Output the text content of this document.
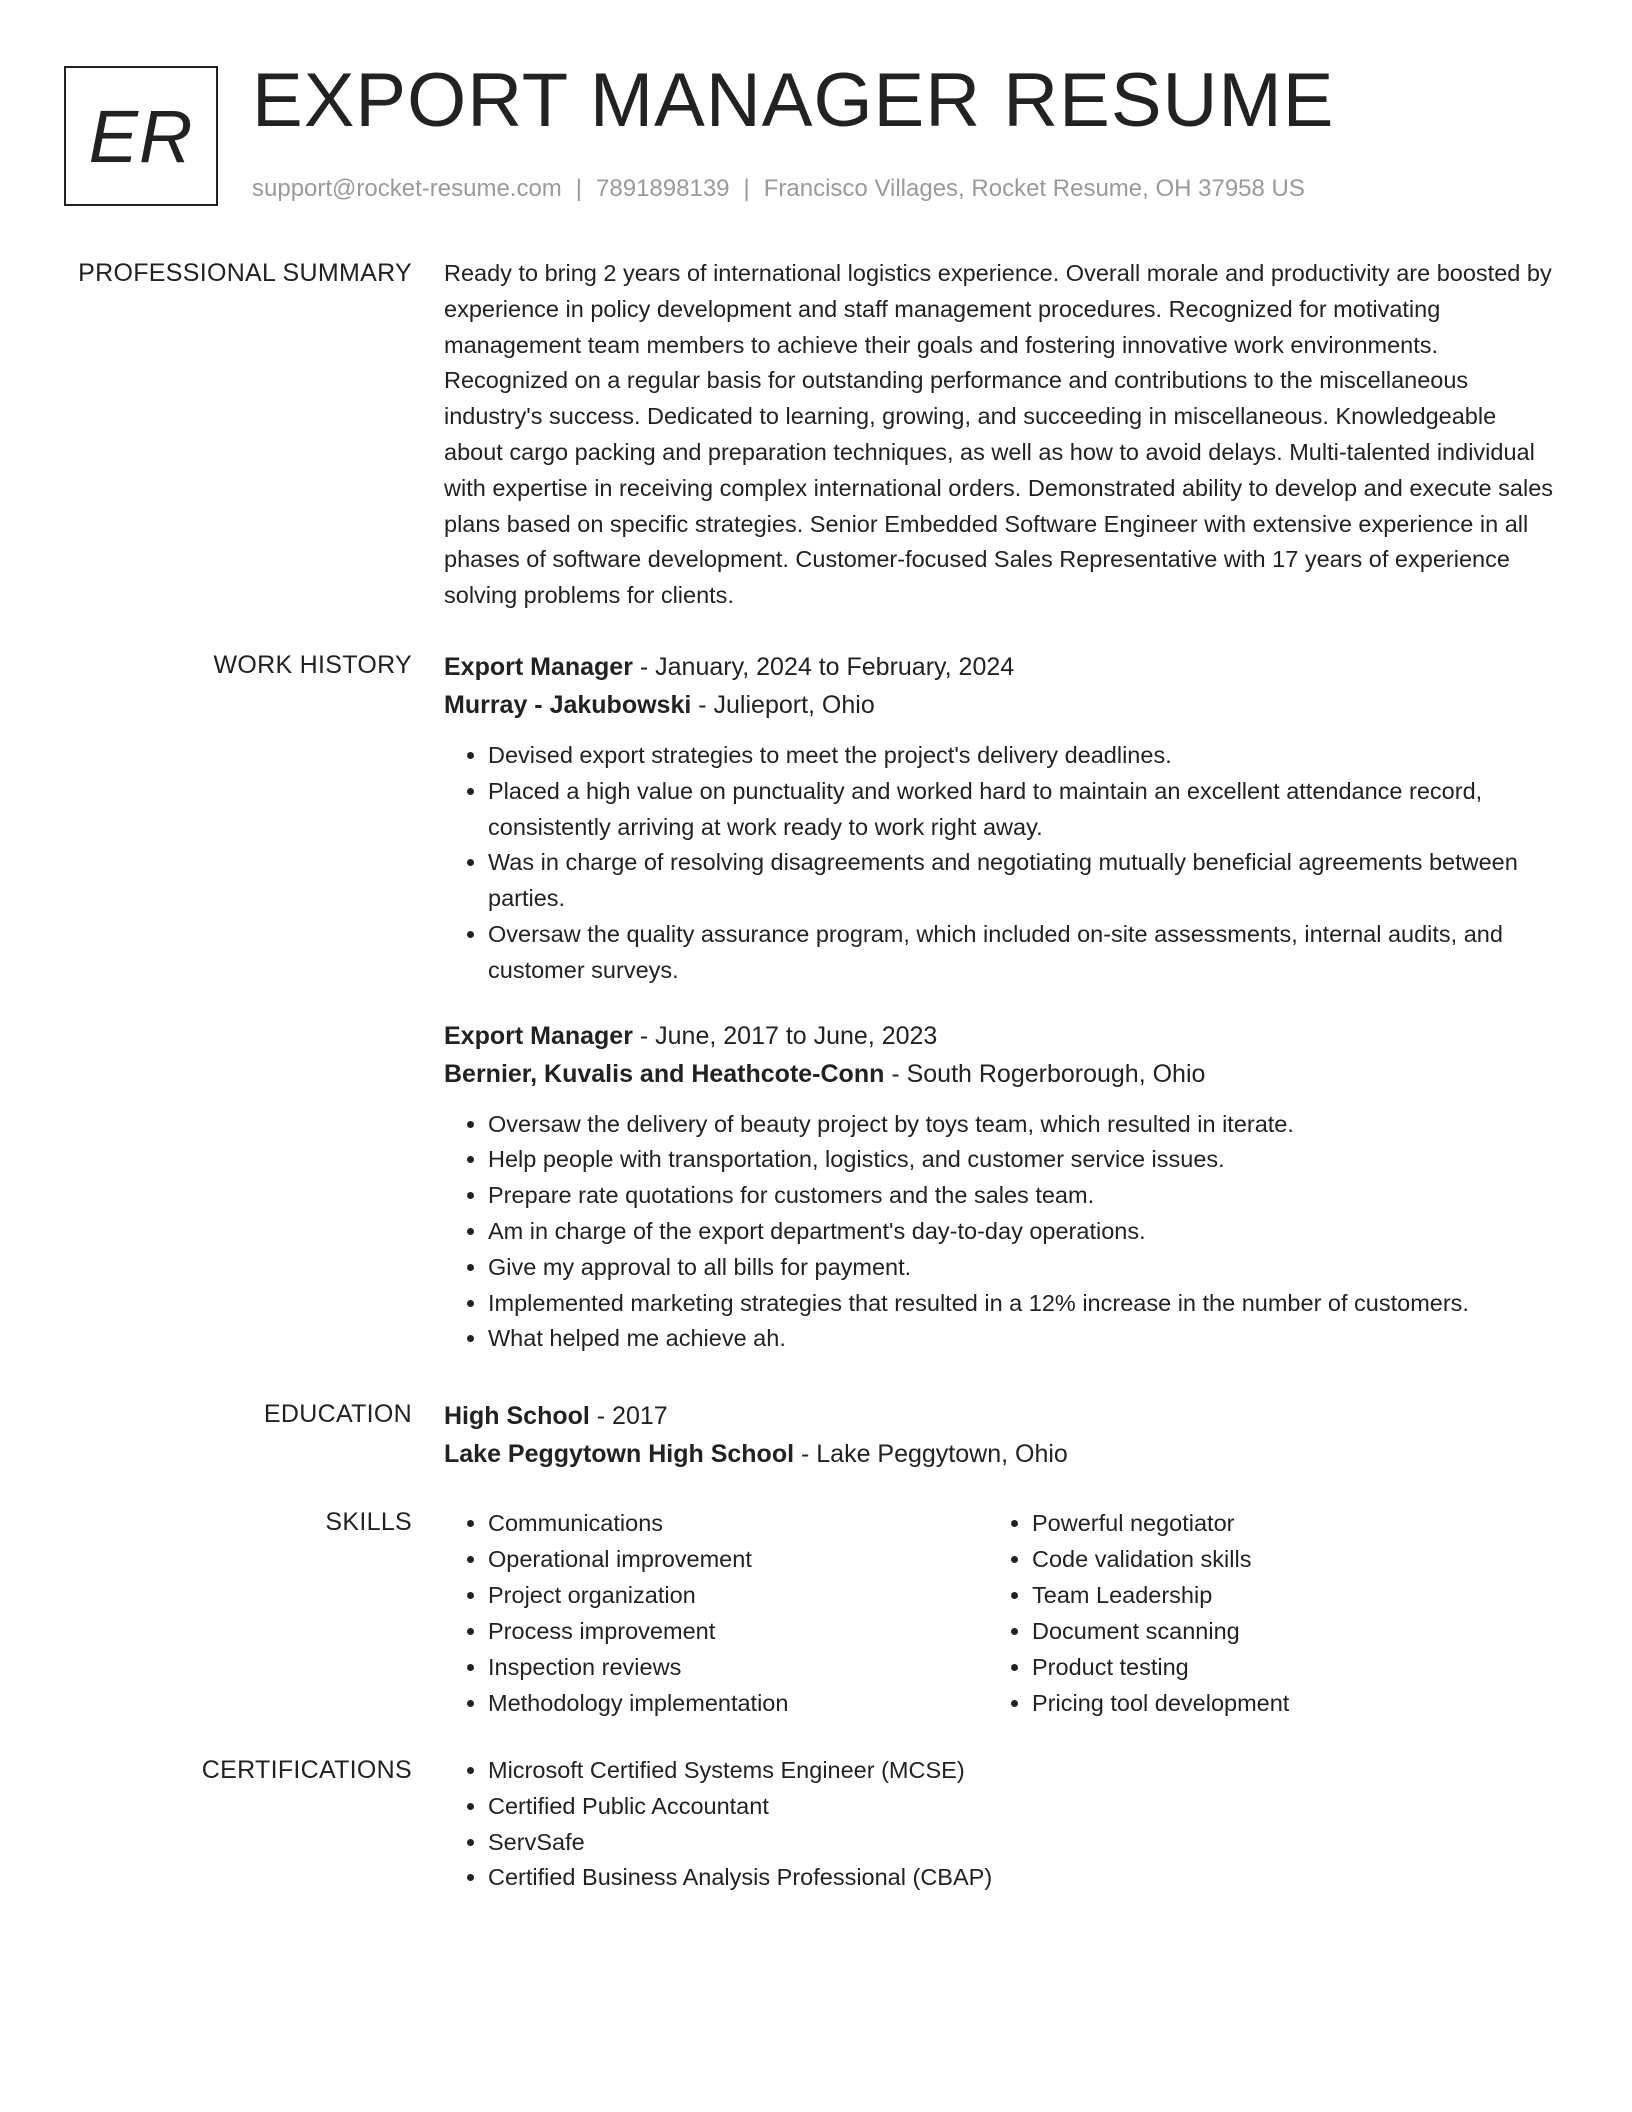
ER EXPORT MANAGER RESUME
support@rocket-resume.com | 7891898139 | Francisco Villages, Rocket Resume, OH 37958 US
PROFESSIONAL SUMMARY Ready to bring 2 years of international logistics experience. Overall morale and productivity are boosted by experience in policy development and staff management procedures. Recognized for motivating management team members to achieve their goals and fostering innovative work environments. Recognized on a regular basis for outstanding performance and contributions to the miscellaneous industry's success. Dedicated to learning, growing, and succeeding in miscellaneous. Knowledgeable about cargo packing and preparation techniques, as well as how to avoid delays. Multi-talented individual with expertise in receiving complex international orders. Demonstrated ability to develop and execute sales plans based on specific strategies. Senior Embedded Software Engineer with extensive experience in all phases of software development. Customer-focused Sales Representative with 17 years of experience solving problems for clients.

WORK HISTORY Export Manager - January, 2024 to February, 2024
Murray - Jakubowski - Julieport, Ohio
• Devised export strategies to meet the project's delivery deadlines.
• Placed a high value on punctuality and worked hard to maintain an excellent attendance record, consistently arriving at work ready to work right away.
• Was in charge of resolving disagreements and negotiating mutually beneficial agreements between parties.
• Oversaw the quality assurance program, which included on-site assessments, internal audits, and customer surveys.
Export Manager - June, 2017 to June, 2023
Bernier, Kuvalis and Heathcote-Conn - South Rogerborough, Ohio
• Oversaw the delivery of beauty project by toys team, which resulted in iterate.
• Help people with transportation, logistics, and customer service issues.
• Prepare rate quotations for customers and the sales team.
• Am in charge of the export department's day-to-day operations.
• Give my approval to all bills for payment.
• Implemented marketing strategies that resulted in a 12% increase in the number of customers.
• What helped me achieve ah.
EDUCATION High School - 2017
Lake Peggytown High School - Lake Peggytown, Ohio
SKILLS	• Communications
• Operational improvement
• Project organization
• Process improvement
• Inspection reviews
• Methodology implementation
• Powerful negotiator
• Code validation skills
• Team Leadership
• Document scanning
• Product testing
• Pricing tool development
CERTIFICATIONS	• Microsoft Certified Systems Engineer (MCSE)
• Certified Public Accountant
• ServSafe
• Certified Business Analysis Professional (CBAP)
